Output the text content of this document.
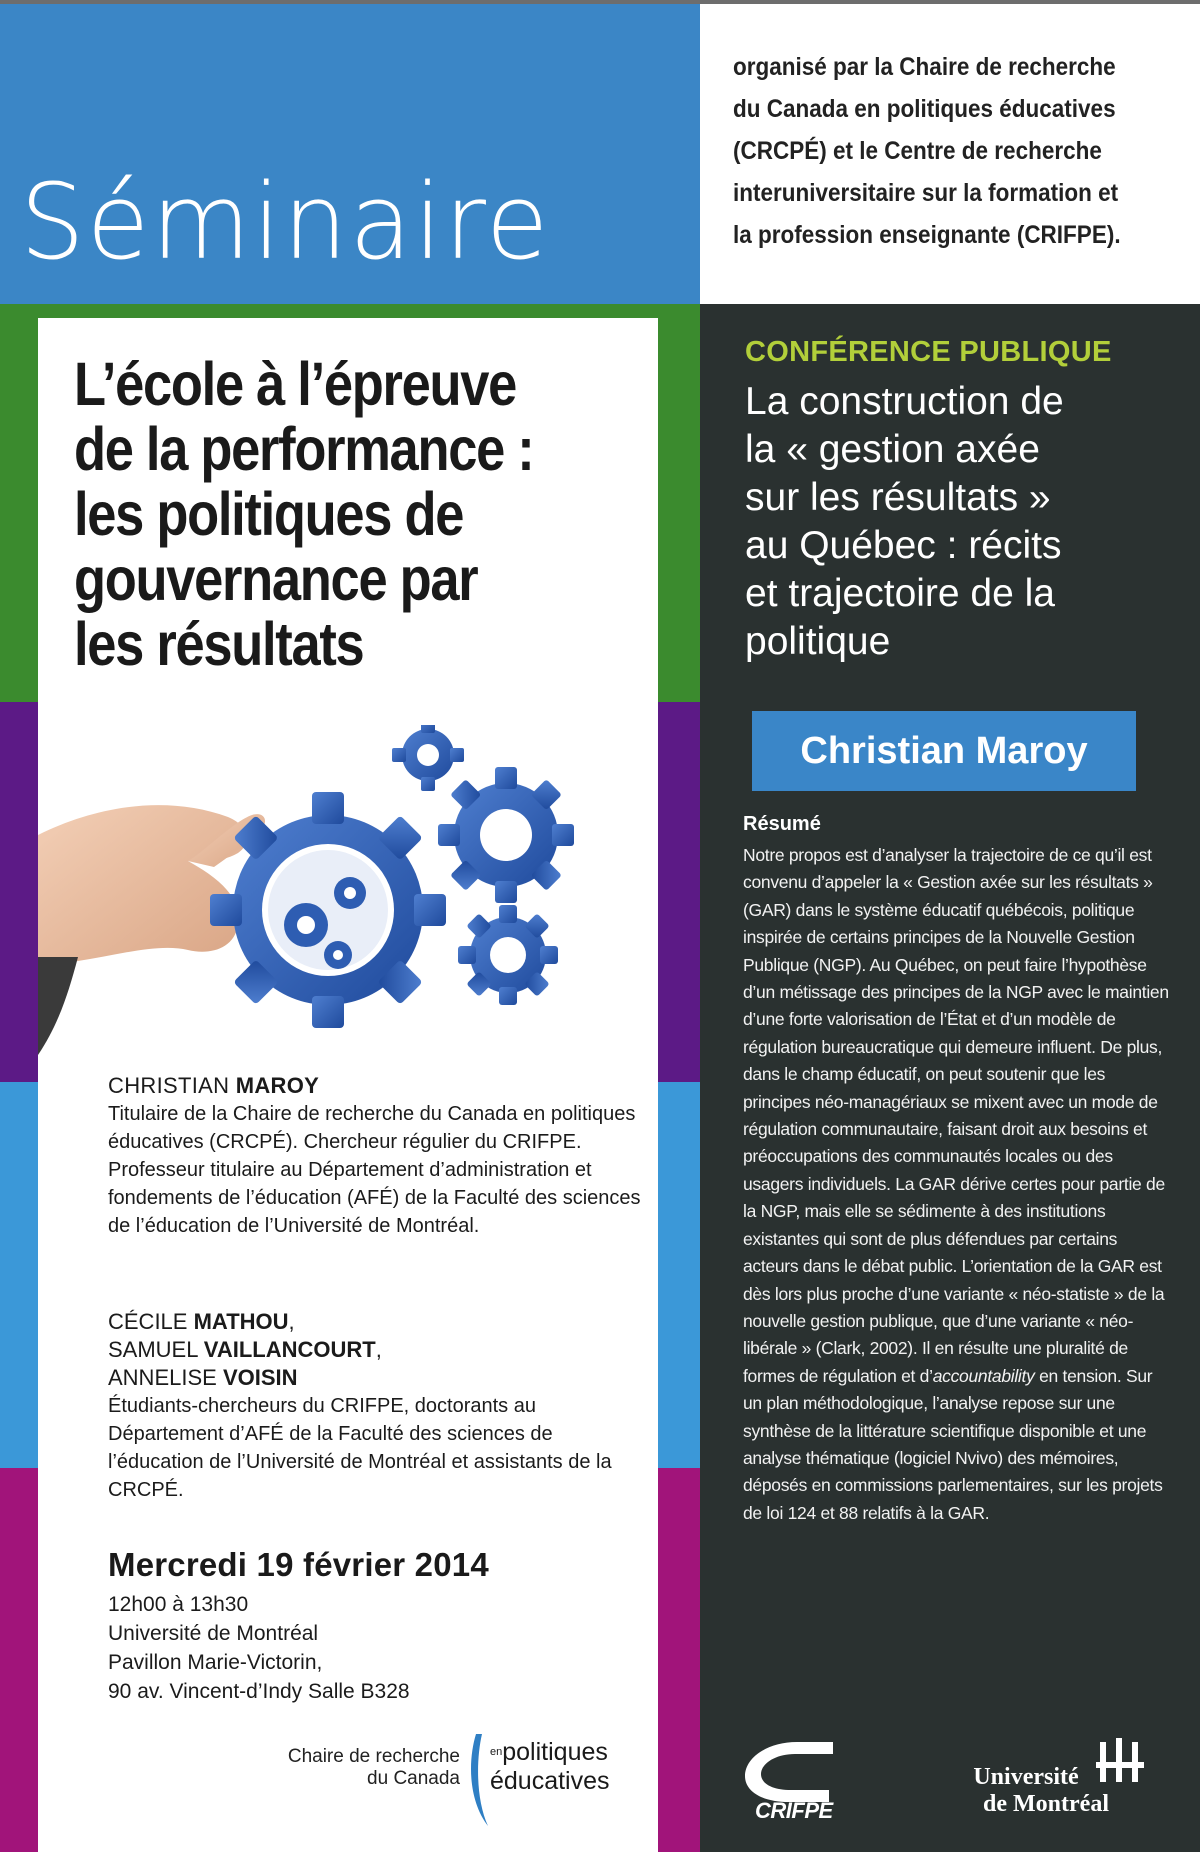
Séminaire
L’école à l’épreuve
de la performance :
les politiques de
gouvernance par
les résultats
CHRISTIAN MAROY
Titulaire de la Chaire de recherche du Canada en politiques éducatives (CRCPÉ). Chercheur régulier du CRIFPE. Professeur titulaire au Département d’administration et fondements de l’éducation (AFÉ) de la Faculté des sciences de l’éducation de l’Université de Montréal.
CÉCILE MATHOU,
SAMUEL VAILLANCOURT,
ANNELISE VOISIN
Étudiants-chercheurs du CRIFPE, doctorants au Département d’AFÉ de la Faculté des sciences de l’éducation de l’Université de Montréal et assistants de la CRCPÉ.
Mercredi 19 février 2014
12h00 à 13h30
Université de Montréal
Pavillon Marie-Victorin,
90 av. Vincent-d’Indy Salle B328
Chaire de recherche
du Canada
$^{en}$politiques
éducatives
organisé par la Chaire de recherche du Canada en politiques éducatives (CRCPÉ) et le Centre de recherche interuniversitaire sur la formation et la profession enseignante (CRIFPE).
CONFÉRENCE PUBLIQUE
La construction de
la « gestion axée
sur les résultats »
au Québec : récits
et trajectoire de la
politique
Christian Maroy
Résumé
Notre propos est d’analyser la trajectoire de ce qu’il est convenu d’appeler la « Gestion axée sur les résultats » (GAR) dans le système éducatif québécois, politique inspirée de certains principes de la Nouvelle Gestion Publique (NGP). Au Québec, on peut faire l’hypothèse d’un métissage des principes de la NGP avec le maintien d’une forte valorisation de l’État et d’un modèle de régulation bureaucratique qui demeure influent. De plus, dans le champ éducatif, on peut soutenir que les principes néo-managériaux se mixent avec un mode de régulation communautaire, faisant droit aux besoins et préoccupations des communautés locales ou des usagers individuels. La GAR dérive certes pour partie de la NGP, mais elle se sédimente à des institutions existantes qui sont de plus défendues par certains acteurs dans le débat public. L’orientation de la GAR est dès lors plus proche d’une variante « néo-statiste » de la nouvelle gestion publique, que d’une variante « néo-libérale » (Clark, 2002). Il en résulte une pluralité de formes de régulation et d’accountability en tension. Sur un plan méthodologique, l’analyse repose sur une synthèse de la littérature scientifique disponible et une analyse thématique (logiciel Nvivo) des mémoires, déposés en commissions parlementaires, sur les projets de loi 124 et 88 relatifs à la GAR.
CRIFPE
Université
de Montréal
